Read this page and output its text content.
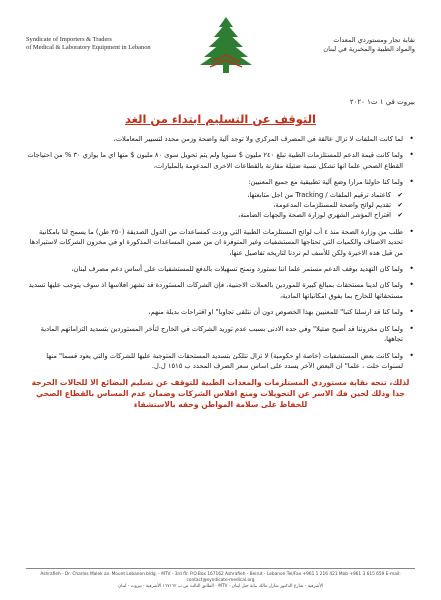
Syndicate of Importers & Traders
of Medical & Laboratory Equipment in Lebanon
نقابة تجار ومستوردي المعدات
والمواد الطبية والمخبرية في لبنان
بيروت في ١ ت١ ٢٠٢٠
التوقف عن التسليم ابتداء من الغد
• لما كانت الملفات لا تزال عالقة في المصرف المركزي ولا توجد آلية واضحة وزمن محدد لتسيير المعاملات،
• ولما كانت قيمة الدعم للمستلزمات الطبية تبلغ ٢٤٠ مليون $ سنويا ولم يتم تحويل سوى ٨٠ مليون $ منها اي ما يوازي ٣٠ % من احتياجات القطاع الصحي علما انها تشكل نسبة ضئيلة مقارنة بالقطاعات الاخرى المدعومة بالمليارات،
• ولما كنا حاولنا مرارا وضع آلية تطبيقية مع جميع المعنيين:
✔ كاعتماد ترقيم الملفات / Tracking من اجل متابعتها،
✔ تقديم لوائح واضحة للمستلزمات المدعومة،
✔ اقتراح المؤشر الشهري لوزارة الصحة والجهات الضامنة،
• طلب من وزارة الصحة منذ ٤ أب لوائح المستلزمات الطبية التي وردت كمساعدات من الدول الصديقة (٢٥٠ طن) ما يسمح لنا بامكانية تحديد الاصناف والكميات التي تحتاجها المستشفيات وغير المتوفرة ان من ضمن المساعدات المذكورة او في مخزون الشركات لاستيرادها من قبل هذه الاخيرة ولكن للأسف لم تردنا لتاريخه تفاصيل عنها،
• ولما كان التهديد بوقف الدعم مستمر علما اننا نستورد ونمنح تسهيلات بالدفع للمستشفيات على أساس دعم مصرف لبنان،
• ولما كان لدينا مستحقات بمبالغ كبيرة للموردين بالعملات الاجنبية، فإن الشركات المستوردة قد تشهر افلاسها اذ سوف يتوجب عليها تسديد مستحقاتها للخارج بما يفوق امكانياتها المادية،
• ولما كنا قد ارسلنا كتبا" للمعنيين بهذا الخصوص دون أن نتلقى تجاوبا" او اقتراحات بديلة منهم،
• ولما كان مخزوننا قد أصبح ضئيلا" وفي حده الادنى بسبب عدم توريد الشركات في الخارج لتأخر المستوردين بتسديد التزاماتهم المادية تجاهها،
• ولما كانت بعض المستشفيات (خاصة او حكومية) لا تزال تتلكئ بتسديد المستحقات المتوجبة عليها للشركات والتي يعود قسما" منها لسنوات خلت ، علما" ان البعض الآخر يسدد على اساس سعر الصرف المحدد ب ١٥١٥ ل.ل.
لذلك، تتجه نقابة مستوردي المستلزمات والمعدات الطبية للتوقف عن تسليم البضائع الا للحالات الحرجة جدا وذلك لحين فك الاسر عن التحويلات ومنع افلاس الشركات وضمان عدم المساس بالقطاع الصحي للحفاظ على سلامة المواطن وحقه بالاستشفاء
Ashrafieh - Dr. Charles Malek av. Mount Lebanon bldg. - MTV - 3rd flr. P.O.Box 167162 Ashrafieh - Beirut - Lebanon Tel/Fax +961 1 216 421 Mob +961 3 615 659 E-mail: contact@syndicate-medical.org
الأشرفية - شارع الدكتور شارل مالك بناية جبل لبنان - MTV - الطابق الثالث ص.ب ١٦٧١٦٢ الأشرفية - بيروت - لبنان
